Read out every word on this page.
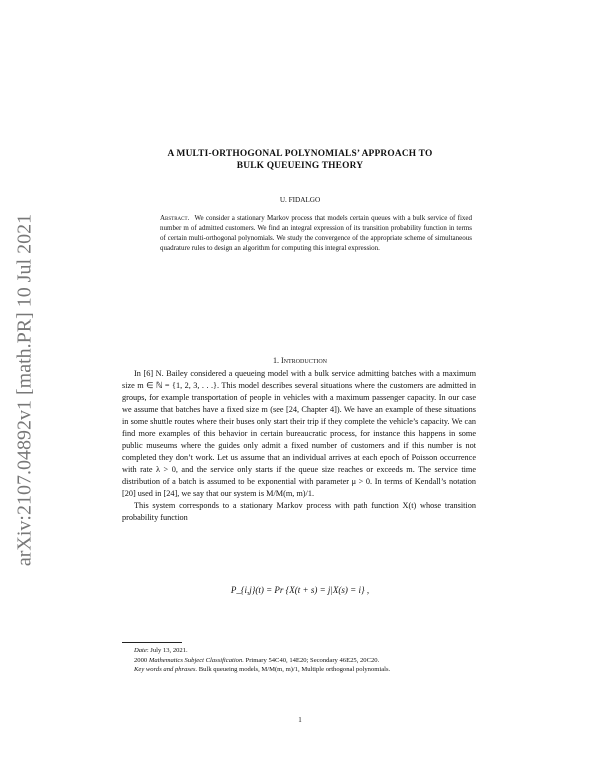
arXiv:2107.04892v1 [math.PR] 10 Jul 2021
A MULTI-ORTHOGONAL POLYNOMIALS’ APPROACH TO
BULK QUEUEING THEORY
U. FIDALGO
Abstract. We consider a stationary Markov process that models certain queues with a bulk service of fixed number m of admitted customers. We find an integral expression of its transition probability function in terms of certain multi-orthogonal polynomials. We study the convergence of the appropriate scheme of simultaneous quadrature rules to design an algorithm for computing this integral expression.
1. Introduction

In [6] N. Bailey considered a queueing model with a bulk service admitting batches with a maximum size m ∈ ℕ = {1, 2, 3, . . .}. This model describes several situations where the customers are admitted in groups, for example transportation of people in vehicles with a maximum passenger capacity. In our case we assume that batches have a fixed size m (see [24, Chapter 4]). We have an example of these situations in some shuttle routes where their buses only start their trip if they complete the vehicle’s capacity. We can find more examples of this behavior in certain bureaucratic process, for instance this happens in some public museums where the guides only admit a fixed number of customers and if this number is not completed they don’t work. Let us assume that an individual arrives at each epoch of Poisson occurrence with rate λ > 0, and the service only starts if the queue size reaches or exceeds m. The service time distribution of a batch is assumed to be exponential with parameter μ > 0. In terms of Kendall’s notation [20] used in [24], we say that our system is M/M(m, m)/1.

This system corresponds to a stationary Markov process with path function X(t) whose transition probability function

P_{i,j}(t) = Pr {X(t + s) = j|X(s) = i} ,

Date: July 13, 2021.

2000 Mathematics Subject Classification. Primary 54C40, 14E20; Secondary 46E25, 20C20.

Key words and phrases. Bulk queueing models, M/M(m, m)/1, Multiple orthogonal polynomials.

1
